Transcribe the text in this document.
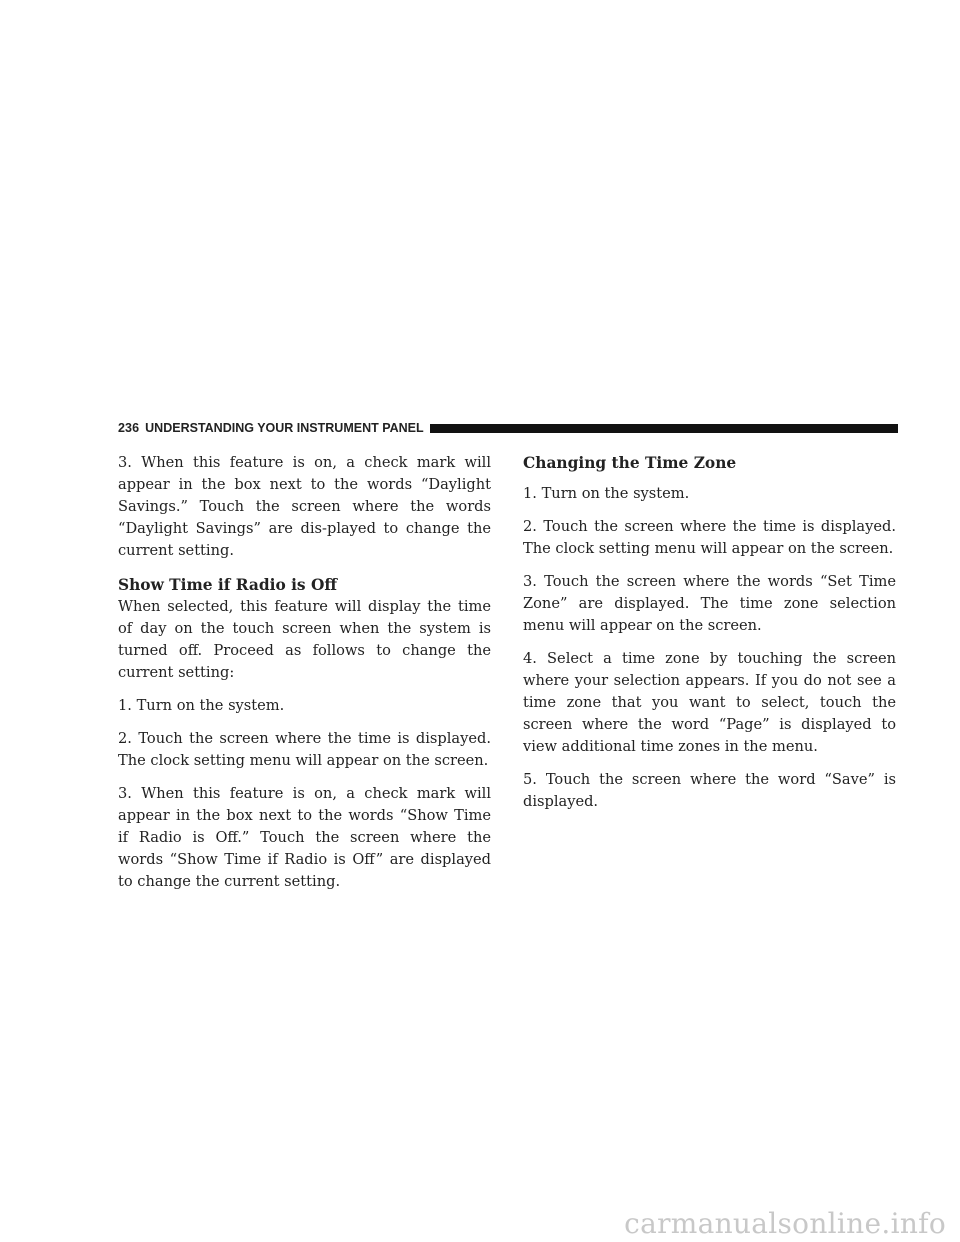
236 UNDERSTANDING YOUR INSTRUMENT PANEL

3. When this feature is on, a check mark will appear in the box next to the words “Daylight Savings.” Touch the screen where the words “Daylight Savings” are dis-played to change the current setting.

Show Time if Radio is Off

When selected, this feature will display the time of day on the touch screen when the system is turned off. Proceed as follows to change the current setting:

1. Turn on the system.

2. Touch the screen where the time is displayed. The clock setting menu will appear on the screen.

3. When this feature is on, a check mark will appear in the box next to the words “Show Time if Radio is Off.” Touch the screen where the words “Show Time if Radio is Off” are displayed to change the current setting.

Changing the Time Zone

1. Turn on the system.

2. Touch the screen where the time is displayed. The clock setting menu will appear on the screen.

3. Touch the screen where the words “Set Time Zone” are displayed. The time zone selection menu will appear on the screen.

4. Select a time zone by touching the screen where your selection appears. If you do not see a time zone that you want to select, touch the screen where the word “Page” is displayed to view additional time zones in the menu.

5. Touch the screen where the word “Save” is displayed.

carmanualsonline.info
